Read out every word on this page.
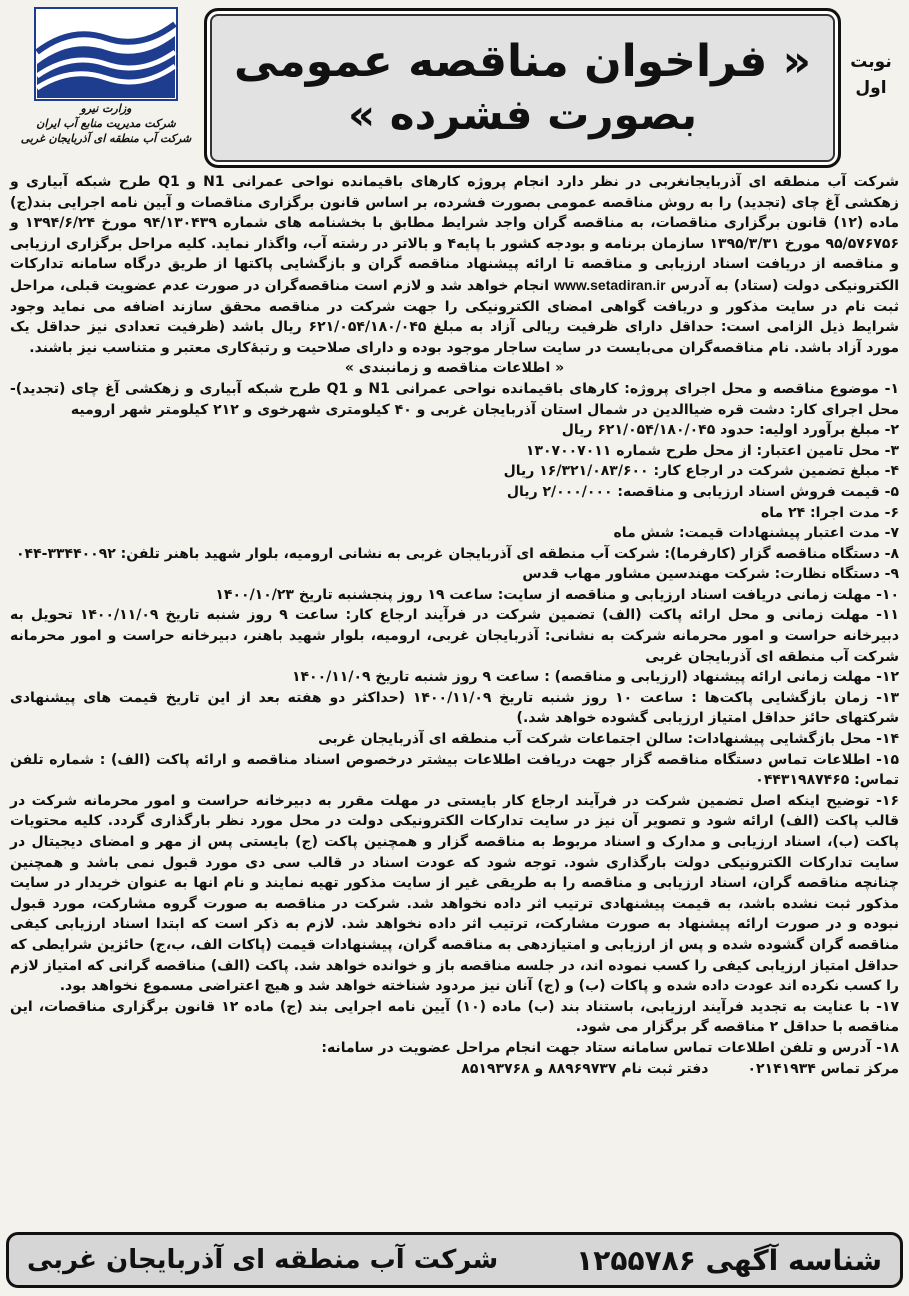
نوبت اول
« فراخوان مناقصه عمومی
بصورت فشرده »
وزارت نیرو
شرکت مدیریت منابع آب ایران
شرکت آب منطقه ای آذربایجان غربی

شرکت آب منطقه ای آذربایجانغربی در نظر دارد انجام پروژه کارهای باقیمانده نواحی عمرانی N1 و Q1 طرح شبکه آبیاری و زهکشی آغ چای (تجدید) را به روش مناقصه عمومی بصورت فشرده، بر اساس قانون برگزاری مناقصات و آیین نامه اجرایی بند(ج) ماده (۱۲) قانون برگزاری مناقصات، به مناقصه گران واجد شرایط مطابق با بخشنامه های شماره ۹۴/۱۳۰۴۳۹ مورخ ۱۳۹۴/۶/۲۴ و ۹۵/۵۷۶۷۵۶ مورخ ۱۳۹۵/۳/۳۱ سازمان برنامه و بودجه کشور با پایه۴ و بالاتر در رشته آب، واگذار نماید. کلیه مراحل برگزاری ارزیابی و مناقصه از دریافت اسناد ارزیابی و مناقصه تا ارائه پیشنهاد مناقصه گران و بازگشایی پاکتها از طریق درگاه سامانه تدارکات الکترونیکی دولت (ستاد) به آدرس www.setadiran.ir انجام خواهد شد و لازم است مناقصه‌گران در صورت عدم عضویت قبلی، مراحل ثبت نام در سایت مذکور و دریافت گواهی امضای الکترونیکی را جهت شرکت در مناقصه محقق سازند اضافه می نماید وجود شرایط ذیل الزامی است: حداقل دارای ظرفیت ریالی آزاد به مبلغ ۶۲۱/۰۵۴/۱۸۰/۰۴۵ ریال باشد (ظرفیت تعدادی نیز حداقل یک مورد آزاد باشد. نام مناقصه‌گران می‌بایست در سایت ساجار موجود بوده و دارای صلاحیت و رتبهٔ‌کاری معتبر و متناسب نیز باشند.

« اطلاعات مناقصه و زمانبندی »

۱- موضوع مناقصه و محل اجرای پروژه: کارهای باقیمانده نواحی عمرانی N1 و Q1 طرح شبکه آبیاری و زهکشی آغ چای (تجدید)- محل اجرای کار: دشت قره ضیاالدین در شمال استان آذربایجان غربی و ۴۰ کیلومتری شهرخوی و ۲۱۲ کیلومتر شهر ارومیه

۲- مبلغ برآورد اولیه: حدود ۶۲۱/۰۵۴/۱۸۰/۰۴۵ ریال

۳- محل تامین اعتبار: از محل طرح شماره ۱۳۰۷۰۰۷۰۱۱

۴- مبلغ تضمین شرکت در ارجاع کار: ۱۶/۳۲۱/۰۸۳/۶۰۰ ریال

۵- قیمت فروش اسناد ارزیابی و مناقصه: ۲/۰۰۰/۰۰۰ ریال

۶- مدت اجرا: ۲۴ ماه

۷- مدت اعتبار پیشنهادات قیمت: شش ماه

۸- دستگاه مناقصه گزار (کارفرما): شرکت آب منطقه ای آذربایجان غربی به نشانی ارومیه، بلوار شهید باهنر تلفن: ۳۳۴۴۰۰۹۲-۰۴۴

۹- دستگاه نظارت: شرکت مهندسین مشاور مهاب قدس

۱۰- مهلت زمانی دریافت اسناد ارزیابی و مناقصه از سایت: ساعت ۱۹ روز پنجشنبه تاریخ ۱۴۰۰/۱۰/۲۳

۱۱- مهلت زمانی و محل ارائه پاکت (الف) تضمین شرکت در فرآیند ارجاع کار: ساعت ۹ روز شنبه تاریخ ۱۴۰۰/۱۱/۰۹ تحویل به دبیرخانه حراست و امور محرمانه شرکت به نشانی: آذربایجان غربی، ارومیه، بلوار شهید باهنر، دبیرخانه حراست و امور محرمانه شرکت آب منطقه ای آذربایجان غربی

۱۲- مهلت زمانی ارائه پیشنهاد (ارزیابی و مناقصه) : ساعت ۹ روز شنبه تاریخ ۱۴۰۰/۱۱/۰۹

۱۳- زمان بازگشایی پاکت‌ها : ساعت ۱۰ روز شنبه تاریخ ۱۴۰۰/۱۱/۰۹ (حداکثر دو هفته بعد از این تاریخ قیمت های پیشنهادی شرکتهای حائز حداقل امتیاز ارزیابی گشوده خواهد شد.)

۱۴- محل بازگشایی پیشنهادات: سالن اجتماعات شرکت آب منطقه ای آذربایجان غربی

۱۵- اطلاعات تماس دستگاه مناقصه گزار جهت دریافت اطلاعات بیشتر درخصوص اسناد مناقصه و ارائه پاکت (الف) : شماره تلفن تماس: ۰۴۴۳۱۹۸۷۴۶۵

۱۶- توضیح اینکه اصل تضمین شرکت در فرآیند ارجاع کار بایستی در مهلت مقرر به دبیرخانه حراست و امور محرمانه شرکت در قالب پاکت (الف) ارائه شود و تصویر آن نیز در سایت تدارکات الکترونیکی دولت در محل مورد نظر بارگذاری گردد. کلیه محتویات پاکت (ب)، اسناد ارزیابی و مدارک و اسناد مربوط به مناقصه گزار و همچنین پاکت (ج) بایستی پس از مهر و امضای دیجیتال در سایت تدارکات الکترونیکی دولت بارگذاری شود. توجه شود که عودت اسناد در قالب سی دی مورد قبول نمی باشد و همچنین چنانچه مناقصه گران، اسناد ارزیابی و مناقصه را به طریقی غیر از سایت مذکور تهیه نمایند و نام انها به عنوان خریدار در سایت مذکور ثبت نشده باشد، به قیمت پیشنهادی ترتیب اثر داده نخواهد شد. شرکت در مناقصه به صورت گروه مشارکت، مورد قبول نبوده و در صورت ارائه پیشنهاد به صورت مشارکت، ترتیب اثر داده نخواهد شد. لازم به ذکر است که ابتدا اسناد ارزیابی کیفی مناقصه گران گشوده شده و پس از ارزیابی و امتیازدهی به مناقصه گران، پیشنهادات قیمت (پاکات الف، ب،ج) حائزین شرایطی که حداقل امتیاز ارزیابی کیفی را کسب نموده اند، در جلسه مناقصه باز و خوانده خواهد شد. پاکت (الف) مناقصه گرانی که امتیاز لازم را کسب نکرده اند عودت داده شده و پاکات (ب) و (ج) آنان نیز مردود شناخته خواهد شد و هیچ اعتراضی مسموع نخواهد بود.

۱۷- با عنایت به تجدید فرآیند ارزیابی، باستناد بند (ب) ماده (۱۰) آیین نامه اجرایی بند (ج) ماده ۱۲ قانون برگزاری مناقصات، این مناقصه با حداقل ۲ مناقصه گر برگزار می شود.

۱۸- آدرس و تلفن اطلاعات تماس سامانه ستاد جهت انجام مراحل عضویت در سامانه:

مرکز تماس ۰۲۱۴۱۹۳۴        دفتر ثبت نام ۸۸۹۶۹۷۳۷ و ۸۵۱۹۳۷۶۸

شناسه آگهی ۱۲۵۵۷۸۶
شرکت آب منطقه ای آذربایجان غربی
